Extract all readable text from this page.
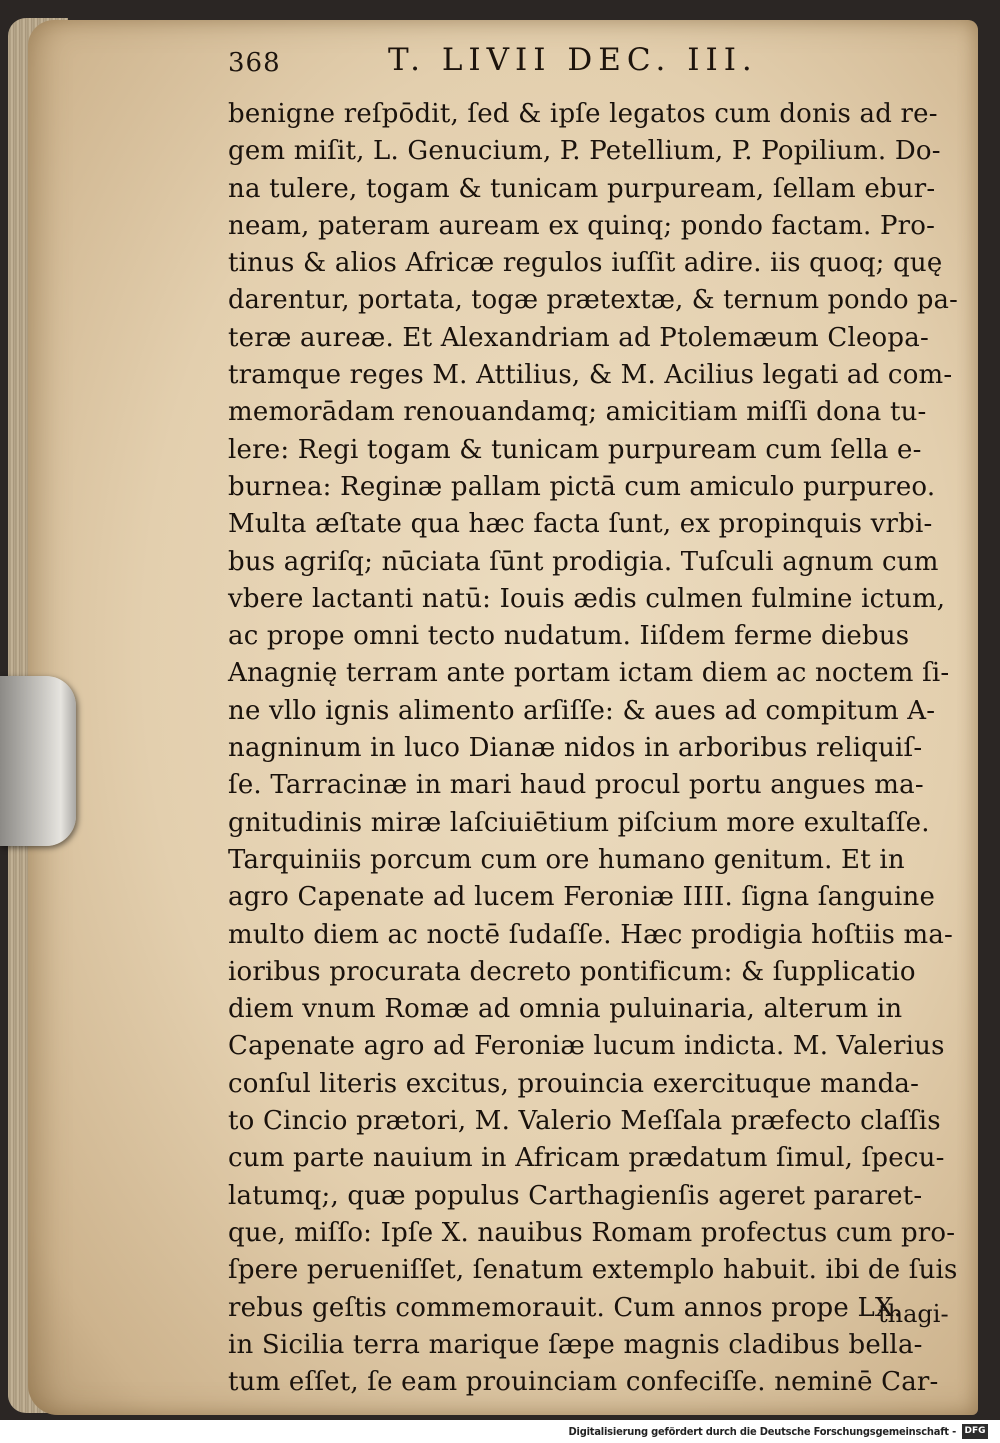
368	T. LIVII DEC. III.
benigne reſpōdit, ſed & ipſe legatos cum donis ad re-
gem miſit, L. Genucium, P. Petellium, P. Popilium. Do-
na tulere, togam & tunicam purpuream, ſellam ebur-
neam, pateram auream ex quinq; pondo factam. Pro-
tinus & alios Africæ regulos iuſſit adire. iis quoq; quę
darentur, portata, togæ prætextæ, & ternum pondo pa-
teræ aureæ. Et Alexandriam ad Ptolemæum Cleopa-
tramque reges M. Attilius, & M. Acilius legati ad com-
memorādam renouandamq; amicitiam miſſi dona tu-
lere: Regi togam & tunicam purpuream cum ſella e-
burnea: Reginæ pallam pictā cum amiculo purpureo.
Multa æſtate qua hæc facta ſunt, ex propinquis vrbi-
bus agriſq; nūciata ſūnt prodigia. Tuſculi agnum cum
vbere lactanti natū: Iouis ædis culmen fulmine ictum,
ac prope omni tecto nudatum. Iiſdem ferme diebus
Anagnię terram ante portam ictam diem ac noctem ſi-
ne vllo ignis alimento arſiſſe: & aues ad compitum A-
nagninum in luco Dianæ nidos in arboribus reliquiſ-
ſe. Tarracinæ in mari haud procul portu angues ma-
gnitudinis miræ laſciuiētium piſcium more exultaſſe.
Tarquiniis porcum cum ore humano genitum. Et in
agro Capenate ad lucem Feroniæ IIII. ſigna ſanguine
multo diem ac noctē ſudaſſe. Hæc prodigia hoſtiis ma-
ioribus procurata decreto pontificum: & ſupplicatio
diem vnum Romæ ad omnia puluinaria, alterum in
Capenate agro ad Feroniæ lucum indicta. M. Valerius
conſul literis excitus, prouincia exercituque manda-
to Cincio prætori, M. Valerio Meſſala præfecto claſſis
cum parte nauium in Africam prædatum ſimul, ſpecu-
latumq;, quæ populus Carthagienſis ageret pararet-
que, miſſo: Ipſe X. nauibus Romam profectus cum pro-
ſpere perueniſſet, ſenatum extemplo habuit. ibi de ſuis
rebus geſtis commemorauit. Cum annos prope LX.
in Sicilia terra marique ſæpe magnis cladibus bella-
tum eſſet, ſe eam prouinciam confeciſſe. neminē Car-
thagi-
Digitalisierung gefördert durch die Deutsche Forschungsgemeinschaft - DFG
